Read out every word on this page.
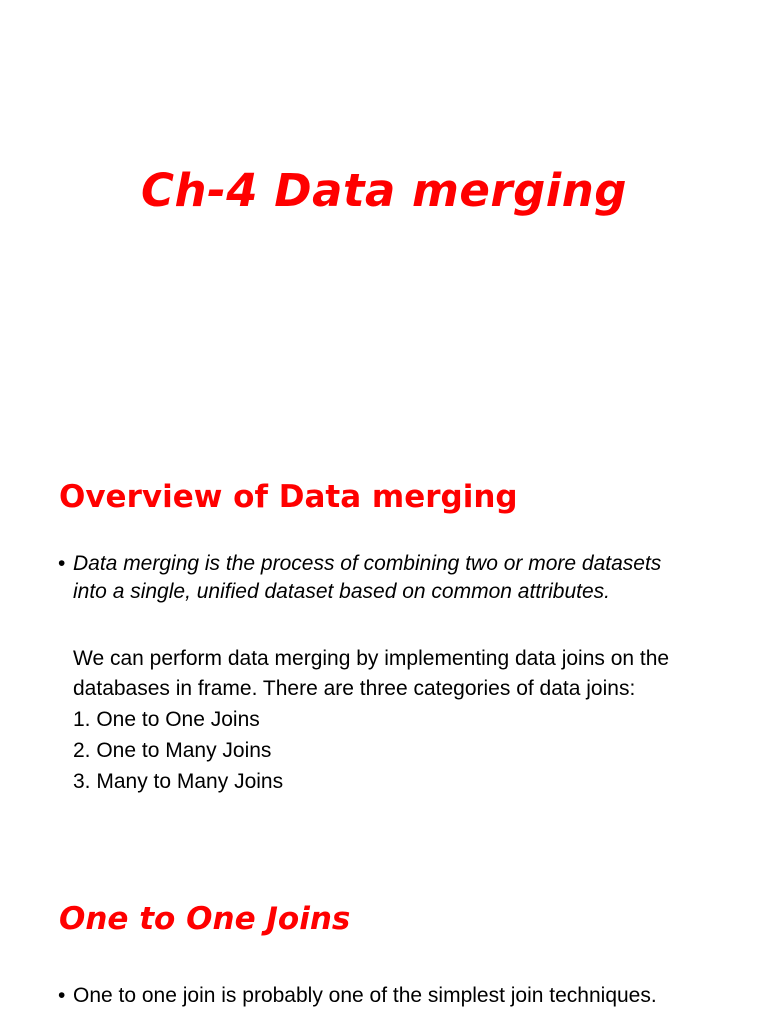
Ch-4 Data merging
Overview of Data merging
• Data merging is the process of combining two or more datasets into a single, unified dataset based on common attributes.

We can perform data merging by implementing data joins on the databases in frame. There are three categories of data joins:

1. One to One Joins
2. One to Many Joins
3. Many to Many Joins
One to One Joins
• One to one join is probably one of the simplest join techniques.
